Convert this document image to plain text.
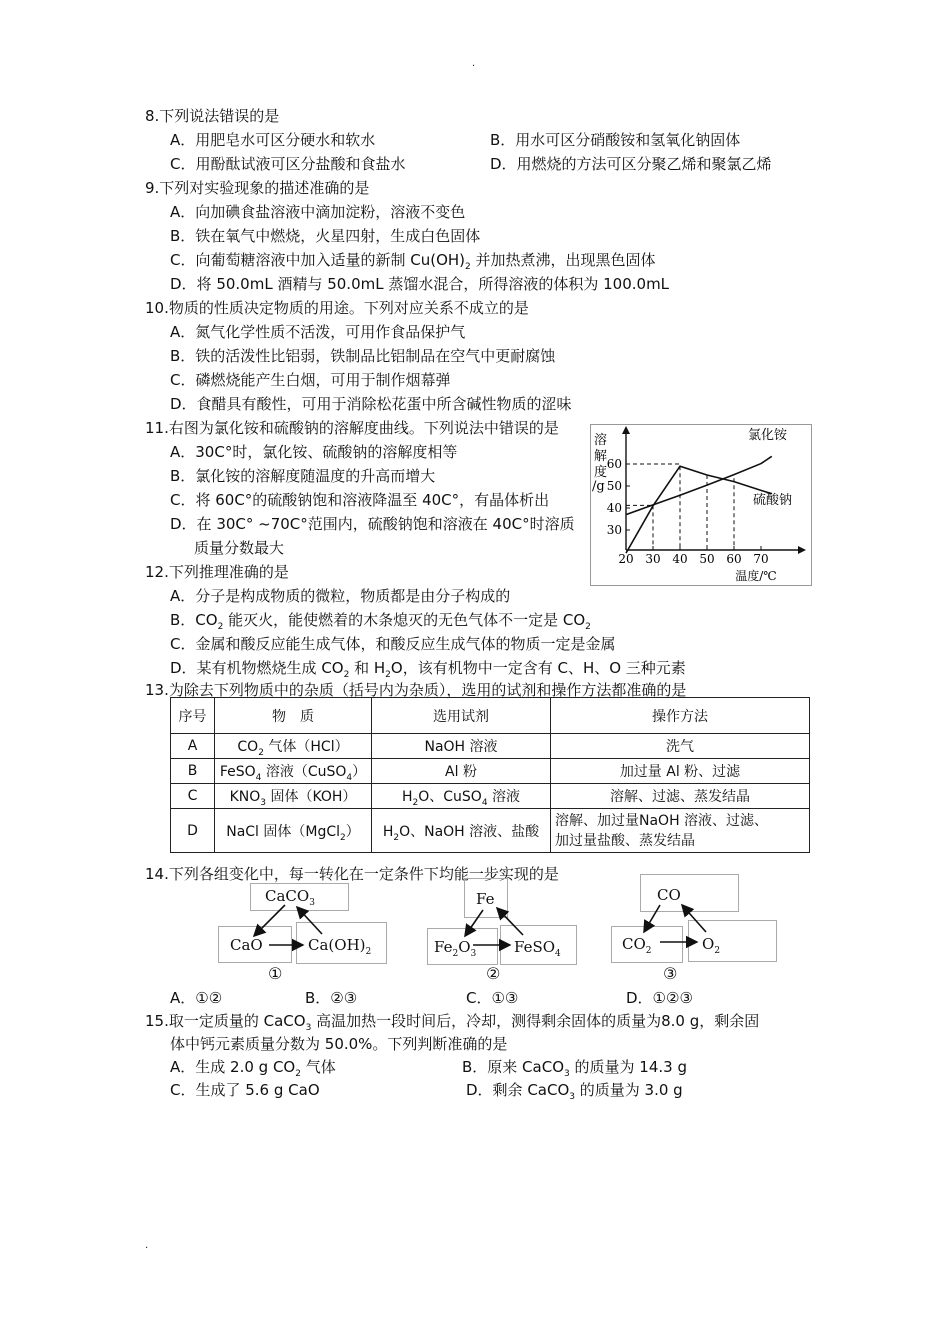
.
8.下列说法错误的是
A．用肥皂水可区分硬水和软水	B．用水可区分硝酸铵和氢氧化钠固体
C．用酚酞试液可区分盐酸和食盐水	D．用燃烧的方法可区分聚乙烯和聚氯乙烯
9.下列对实验现象的描述准确的是
A．向加碘食盐溶液中滴加淀粉，溶液不变色
B．铁在氧气中燃烧，火星四射，生成白色固体
C．向葡萄糖溶液中加入适量的新制 $Cu(OH)_2$ 并加热煮沸，出现黑色固体
D．将 50.0mL 酒精与 50.0mL 蒸馏水混合，所得溶液的体积为 100.0mL
10.物质的性质决定物质的用途。下列对应关系不成立的是
A．氮气化学性质不活泼，可用作食品保护气
B．铁的活泼性比铝弱，铁制品比铝制品在空气中更耐腐蚀
C．磷燃烧能产生白烟，可用于制作烟幕弹
D．食醋具有酸性，可用于消除松花蛋中所含碱性物质的涩味
11.右图为氯化铵和硫酸钠的溶解度曲线。下列说法中错误的是
A．30C°时，氯化铵、硫酸钠的溶解度相等
B．氯化铵的溶解度随温度的升高而增大
C．将 60C°的硫酸钠饱和溶液降温至 40C°，有晶体析出
D．在 30C° ~70C°范围内，硫酸钠饱和溶液在 40C°时溶质
质量分数最大
20 30 40 50 60 70
30
40
50
60
溶
解
度
/g
温度/℃
氯化铵
硫酸钠
12.下列推理准确的是
A．分子是构成物质的微粒，物质都是由分子构成的
B．$CO_2$ 能灭火，能使燃着的木条熄灭的无色气体不一定是 $CO_2$
C．金属和酸反应能生成气体，和酸反应生成气体的物质一定是金属
D．某有机物燃烧生成 $CO_2$ 和 $H_2O$，该有机物中一定含有 C、H、O 三种元素
13.为除去下列物质中的杂质（括号内为杂质），选用的试剂和操作方法都准确的是
序号	物　质	选用试剂	操作方法
A	$CO_2$ 气体（HCl）	NaOH 溶液	洗气
B	FeSO$_4$ 溶液（CuSO$_4$）	Al 粉	加过量 Al 粉、过滤
C	$KNO_3$ 固体（KOH）	$H_2O$、CuSO$_4$ 溶液	溶解、过滤、蒸发结晶
D	NaCl 固体（MgCl$_2$）	$H_2O$、NaOH 溶液、盐酸	溶解、加过量NaOH 溶液、过滤、
加过量盐酸、蒸发结晶
14.下列各组变化中，每一转化在一定条件下均能一步实现的是
CaCO$_3$
CaO	$Ca(OH)_2$
①
Fe
$Fe_2O_3$	FeSO$_4$
②
CO
$CO_2$	$O_2$
③
A．①②	B．②③	C．①③	D．①②③
15.取一定质量的 CaCO$_3$ 高温加热一段时间后，冷却，测得剩余固体的质量为8.0 g，剩余固
体中钙元素质量分数为 50.0%。下列判断准确的是
A．生成 2.0 g $CO_2$ 气体	B．原来 CaCO$_3$ 的质量为 14.3 g
C．生成了 5.6 g CaO	D．剩余 CaCO$_3$ 的质量为 3.0 g
.
